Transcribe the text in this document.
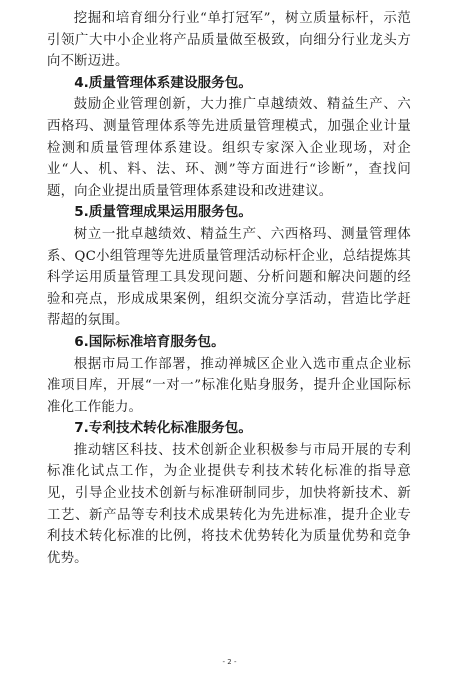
挖掘和培育细分行业“单打冠军”，树立质量标杆，示范引领广大中小企业将产品质量做至极致，向细分行业龙头方向不断迈进。

4.质量管理体系建设服务包。

鼓励企业管理创新，大力推广卓越绩效、精益生产、六西格玛、测量管理体系等先进质量管理模式，加强企业计量检测和质量管理体系建设。组织专家深入企业现场，对企业“人、机、料、法、环、测”等方面进行“诊断”，查找问题，向企业提出质量管理体系建设和改进建议。

5.质量管理成果运用服务包。

树立一批卓越绩效、精益生产、六西格玛、测量管理体系、QC小组管理等先进质量管理活动标杆企业，总结提炼其科学运用质量管理工具发现问题、分析问题和解决问题的经验和亮点，形成成果案例，组织交流分享活动，营造比学赶帮超的氛围。

6.国际标准培育服务包。

根据市局工作部署，推动禅城区企业入选市重点企业标准项目库，开展“一对一”标准化贴身服务，提升企业国际标准化工作能力。

7.专利技术转化标准服务包。

推动辖区科技、技术创新企业积极参与市局开展的专利标准化试点工作，为企业提供专利技术转化标准的指导意见，引导企业技术创新与标准研制同步，加快将新技术、新工艺、新产品等专利技术成果转化为先进标准，提升企业专利技术转化标准的比例，将技术优势转化为质量优势和竞争优势。

- 2 -
